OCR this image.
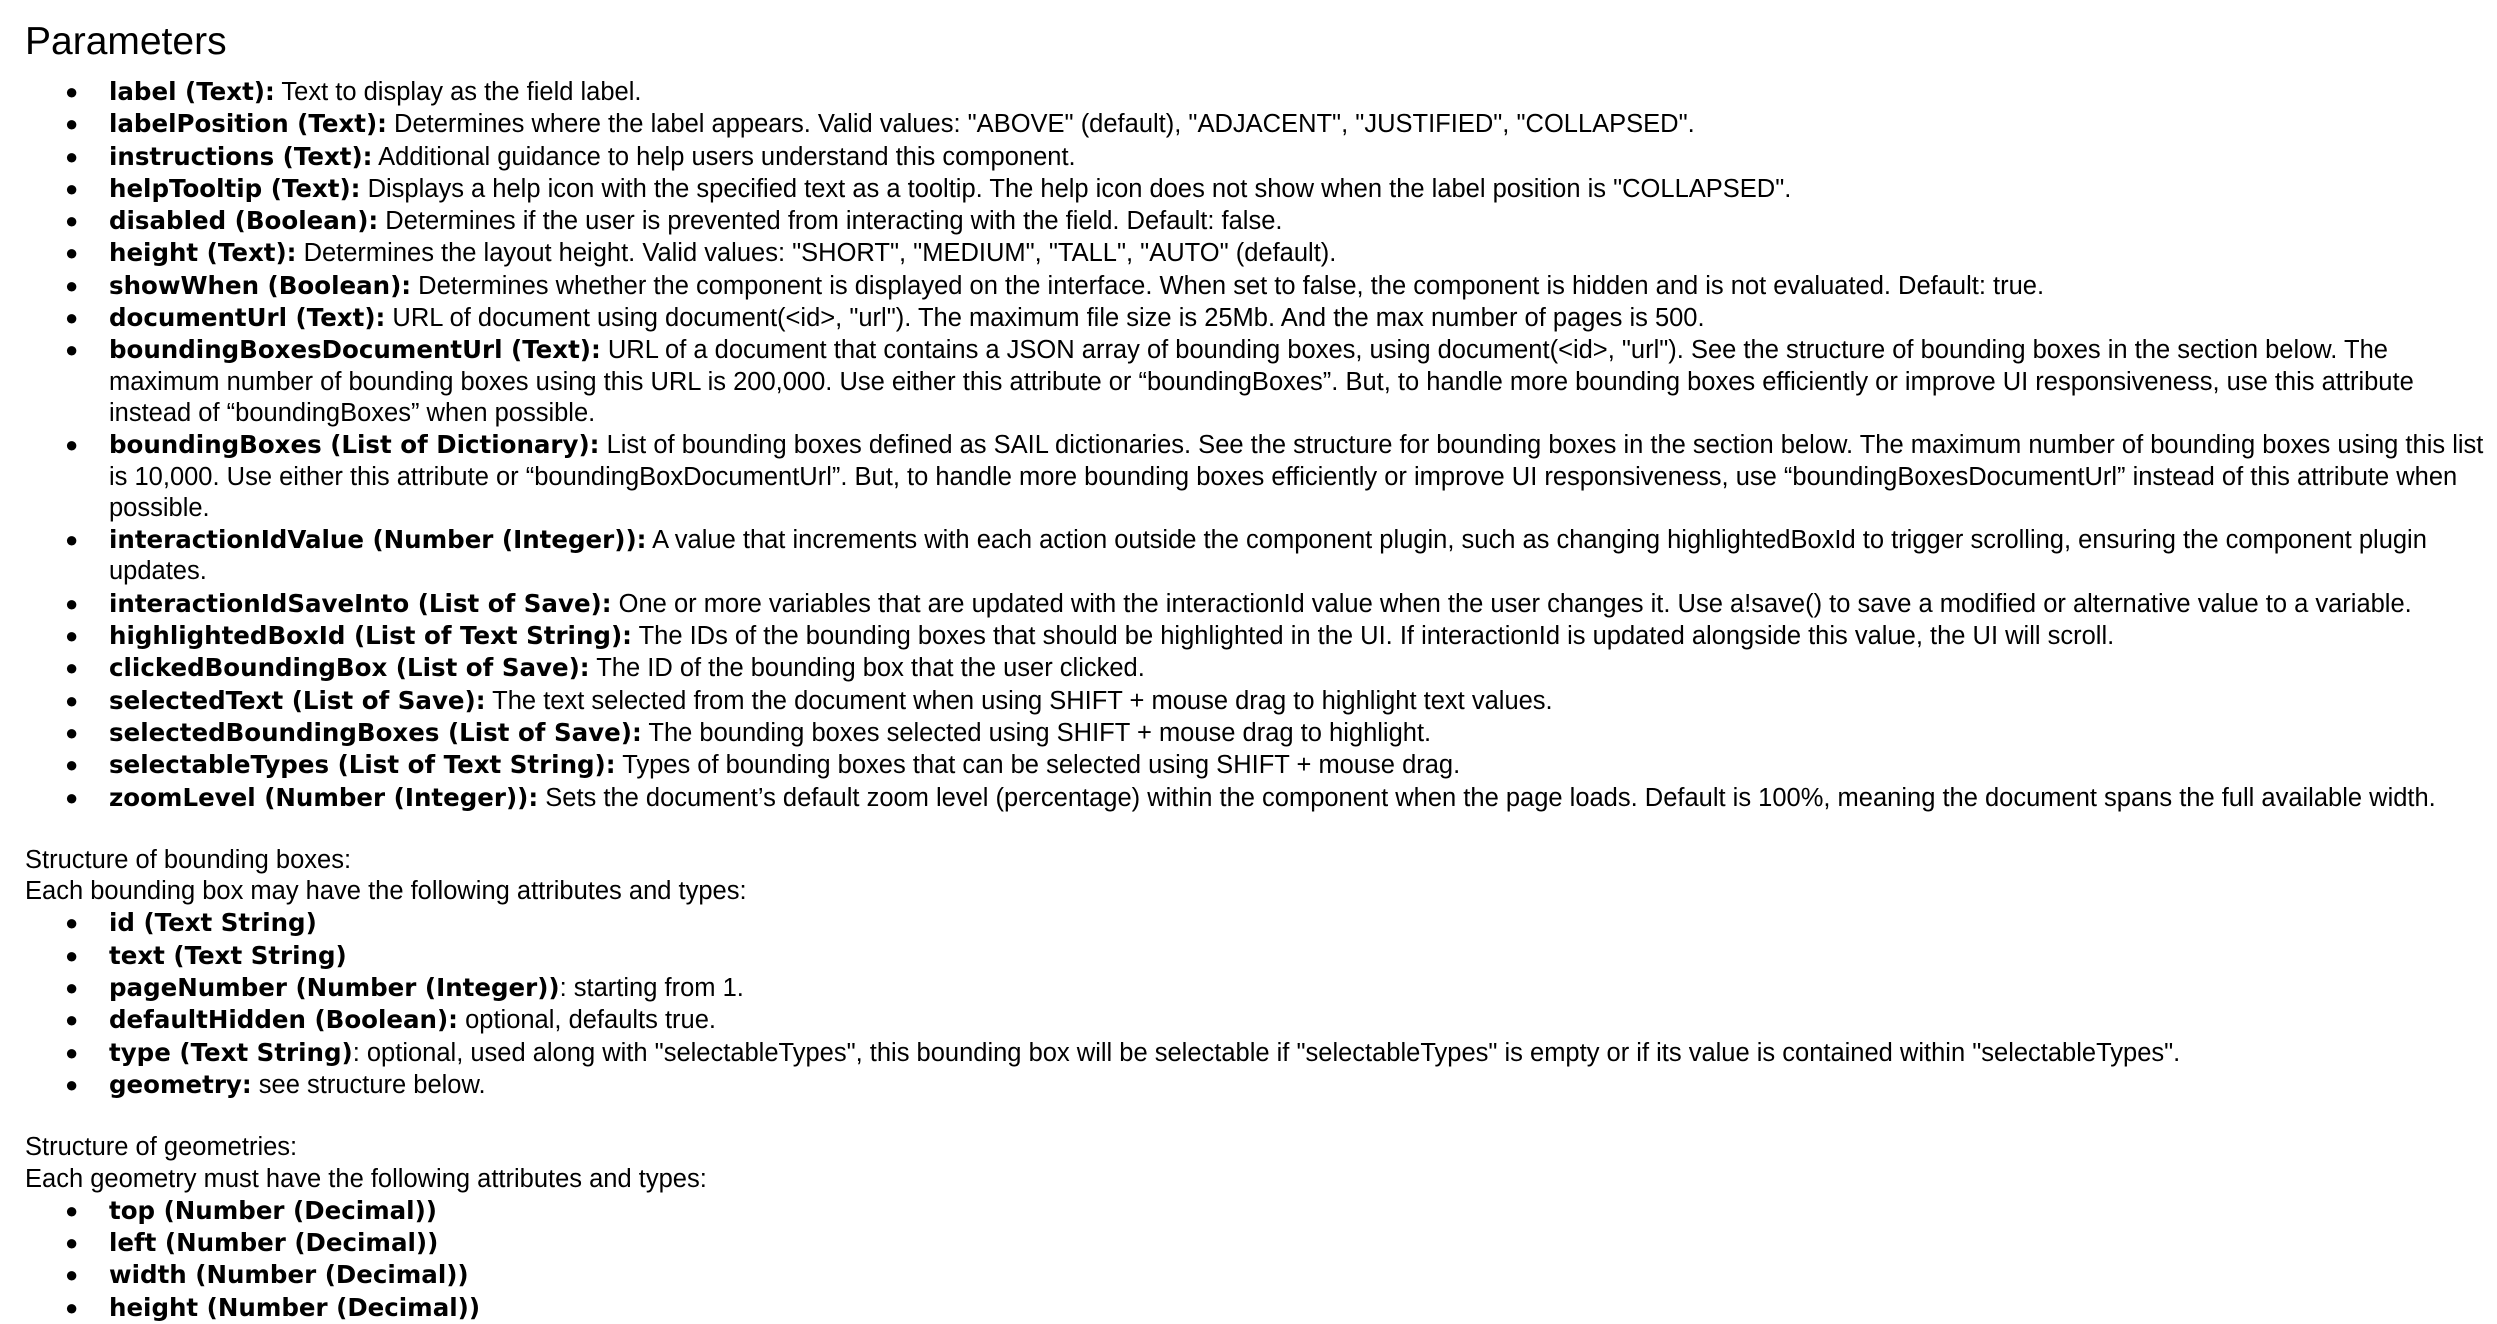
Parameters
● label (Text): Text to display as the field label.
● labelPosition (Text): Determines where the label appears. Valid values: "ABOVE" (default), "ADJACENT", "JUSTIFIED", "COLLAPSED".
● instructions (Text): Additional guidance to help users understand this component.
● helpTooltip (Text): Displays a help icon with the specified text as a tooltip. The help icon does not show when the label position is "COLLAPSED".
● disabled (Boolean): Determines if the user is prevented from interacting with the field. Default: false.
● height (Text): Determines the layout height. Valid values: "SHORT", "MEDIUM", "TALL", "AUTO" (default).
● showWhen (Boolean): Determines whether the component is displayed on the interface. When set to false, the component is hidden and is not evaluated. Default: true.
● documentUrl (Text): URL of document using document(<id>, "url"). The maximum file size is 25Mb. And the max number of pages is 500.
● boundingBoxesDocumentUrl (Text): URL of a document that contains a JSON array of bounding boxes, using document(<id>, "url"). See the structure of bounding boxes in the section below. The maximum number of bounding boxes using this URL is 200,000. Use either this attribute or “boundingBoxes”. But, to handle more bounding boxes efficiently or improve UI responsiveness, use this attribute instead of “boundingBoxes” when possible.
● boundingBoxes (List of Dictionary): List of bounding boxes defined as SAIL dictionaries. See the structure for bounding boxes in the section below. The maximum number of bounding boxes using this list is 10,000. Use either this attribute or “boundingBoxDocumentUrl”. But, to handle more bounding boxes efficiently or improve UI responsiveness, use “boundingBoxesDocumentUrl” instead of this attribute when possible.
● interactionIdValue (Number (Integer)): A value that increments with each action outside the component plugin, such as changing highlightedBoxId to trigger scrolling, ensuring the component plugin updates.
● interactionIdSaveInto (List of Save): One or more variables that are updated with the interactionId value when the user changes it. Use a!save() to save a modified or alternative value to a variable.
● highlightedBoxId (List of Text String): The IDs of the bounding boxes that should be highlighted in the UI. If interactionId is updated alongside this value, the UI will scroll.
● clickedBoundingBox (List of Save): The ID of the bounding box that the user clicked.
● selectedText (List of Save): The text selected from the document when using SHIFT + mouse drag to highlight text values.
● selectedBoundingBoxes (List of Save): The bounding boxes selected using SHIFT + mouse drag to highlight.
● selectableTypes (List of Text String): Types of bounding boxes that can be selected using SHIFT + mouse drag.
● zoomLevel (Number (Integer)): Sets the document’s default zoom level (percentage) within the component when the page loads. Default is 100%, meaning the document spans the full available width.
Structure of bounding boxes:
Each bounding box may have the following attributes and types:
● id (Text String)
● text (Text String)
● pageNumber (Number (Integer)): starting from 1.
● defaultHidden (Boolean): optional, defaults true.
● type (Text String): optional, used along with "selectableTypes", this bounding box will be selectable if "selectableTypes" is empty or if its value is contained within "selectableTypes".
● geometry: see structure below.
Structure of geometries:
Each geometry must have the following attributes and types:
● top (Number (Decimal))
● left (Number (Decimal))
● width (Number (Decimal))
● height (Number (Decimal))
